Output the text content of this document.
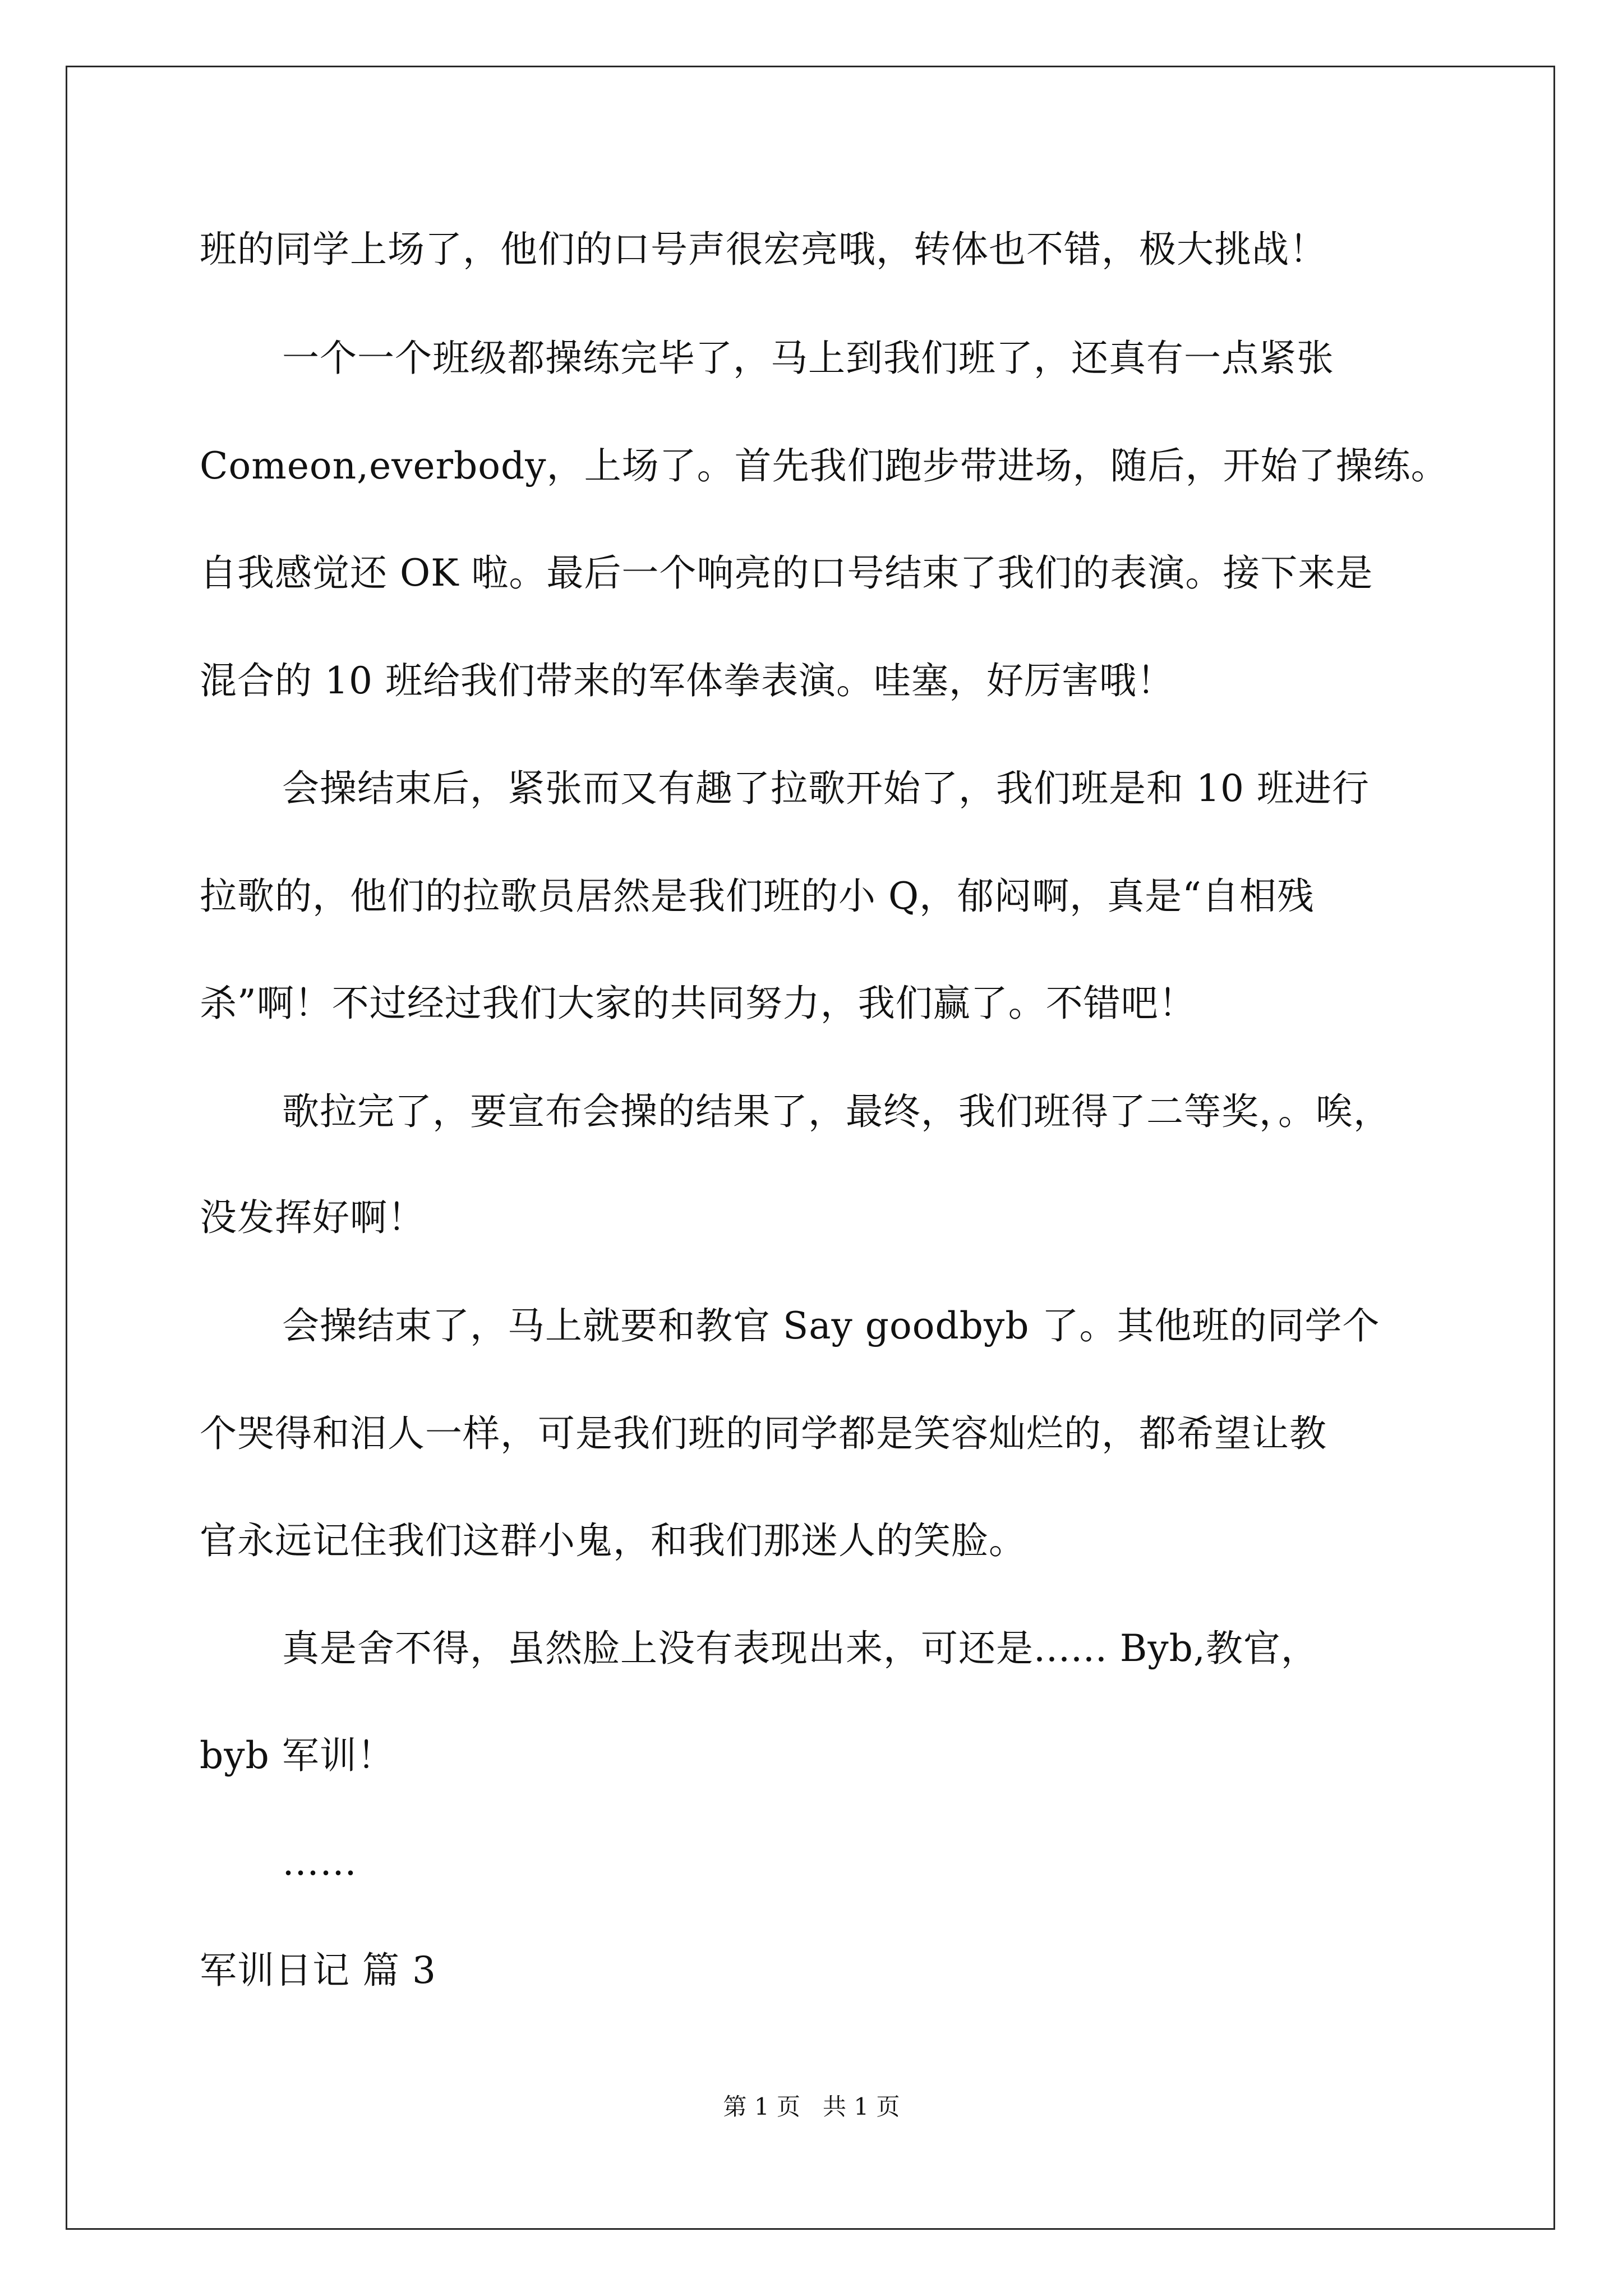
班的同学上场了，他们的口号声很宏亮哦，转体也不错，极大挑战！
一个一个班级都操练完毕了，马上到我们班了，还真有一点紧张
Comeon,everbody，上场了。首先我们跑步带进场，随后，开始了操练。
自我感觉还 OK 啦。最后一个响亮的口号结束了我们的表演。接下来是
混合的 10 班给我们带来的军体拳表演。哇塞，好厉害哦！
会操结束后，紧张而又有趣了拉歌开始了，我们班是和 10 班进行
拉歌的，他们的拉歌员居然是我们班的小 Q，郁闷啊，真是“自相残
杀”啊！不过经过我们大家的共同努力，我们赢了。不错吧！
歌拉完了，要宣布会操的结果了，最终，我们班得了二等奖，。唉，
没发挥好啊！
会操结束了，马上就要和教官 Say goodbyb 了。其他班的同学个
个哭得和泪人一样，可是我们班的同学都是笑容灿烂的，都希望让教
官永远记住我们这群小鬼，和我们那迷人的笑脸。
真是舍不得，虽然脸上没有表现出来，可还是...... Byb,教官，
byb 军训！
……
军训日记 篇 3
第 1 页   共 1 页
